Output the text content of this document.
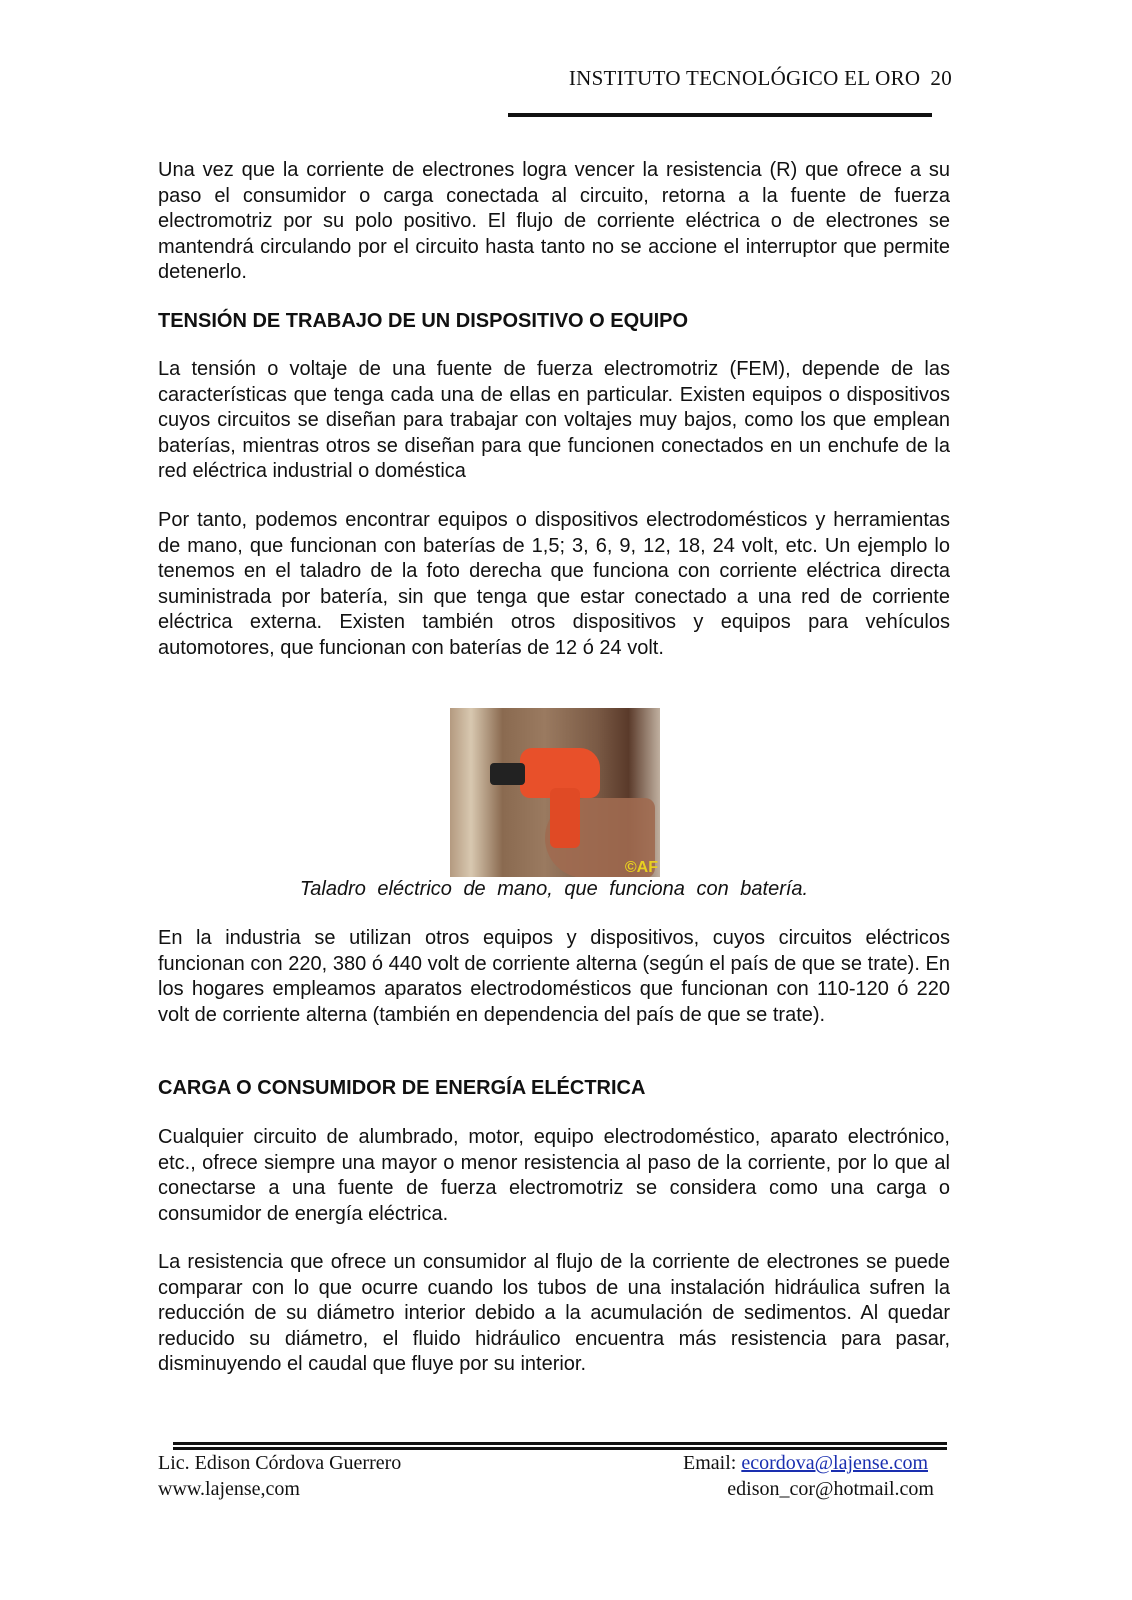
INSTITUTO TECNOLÓGICO EL ORO 20
Una vez que la corriente de electrones logra vencer la resistencia (R) que ofrece a su paso el consumidor o carga conectada al circuito, retorna a la fuente de fuerza electromotriz por su polo positivo. El flujo de corriente eléctrica o de electrones se mantendrá circulando por el circuito hasta tanto no se accione el interruptor que permite detenerlo.
TENSIÓN DE TRABAJO DE UN DISPOSITIVO O EQUIPO
La tensión o voltaje de una fuente de fuerza electromotriz (FEM), depende de las características que tenga cada una de ellas en particular. Existen equipos o dispositivos cuyos circuitos se diseñan para trabajar con voltajes muy bajos, como los que emplean baterías, mientras otros se diseñan para que funcionen conectados en un enchufe de la red eléctrica industrial o doméstica
Por tanto, podemos encontrar equipos o dispositivos electrodomésticos y herramientas de mano, que funcionan con baterías de 1,5; 3, 6, 9, 12, 18, 24 volt, etc. Un ejemplo lo tenemos en el taladro de la foto derecha que funciona con corriente eléctrica directa suministrada por batería, sin que tenga que estar conectado a una red de corriente eléctrica externa. Existen también otros dispositivos y equipos para vehículos automotores, que funcionan con baterías de 12 ó 24 volt.
©AF
Taladro eléctrico de mano, que funciona con batería.
En la industria se utilizan otros equipos y dispositivos, cuyos circuitos eléctricos funcionan con 220, 380 ó 440 volt de corriente alterna (según el país de que se trate). En los hogares empleamos aparatos electrodomésticos que funcionan con 110-120 ó 220 volt de corriente alterna (también en dependencia del país de que se trate).
CARGA O CONSUMIDOR DE ENERGÍA ELÉCTRICA
Cualquier circuito de alumbrado, motor, equipo electrodoméstico, aparato electrónico, etc., ofrece siempre una mayor o menor resistencia al paso de la corriente, por lo que al conectarse a una fuente de fuerza electromotriz se considera como una carga o consumidor de energía eléctrica.
La resistencia que ofrece un consumidor al flujo de la corriente de electrones se puede comparar con lo que ocurre cuando los tubos de una instalación hidráulica sufren la reducción de su diámetro interior debido a la acumulación de sedimentos. Al quedar reducido su diámetro, el fluido hidráulico encuentra más resistencia para pasar, disminuyendo el caudal que fluye por su interior.
Lic. Edison Córdova Guerrero
www.lajense,com
Email: ecordova@lajense.com
edison_cor@hotmail.com
